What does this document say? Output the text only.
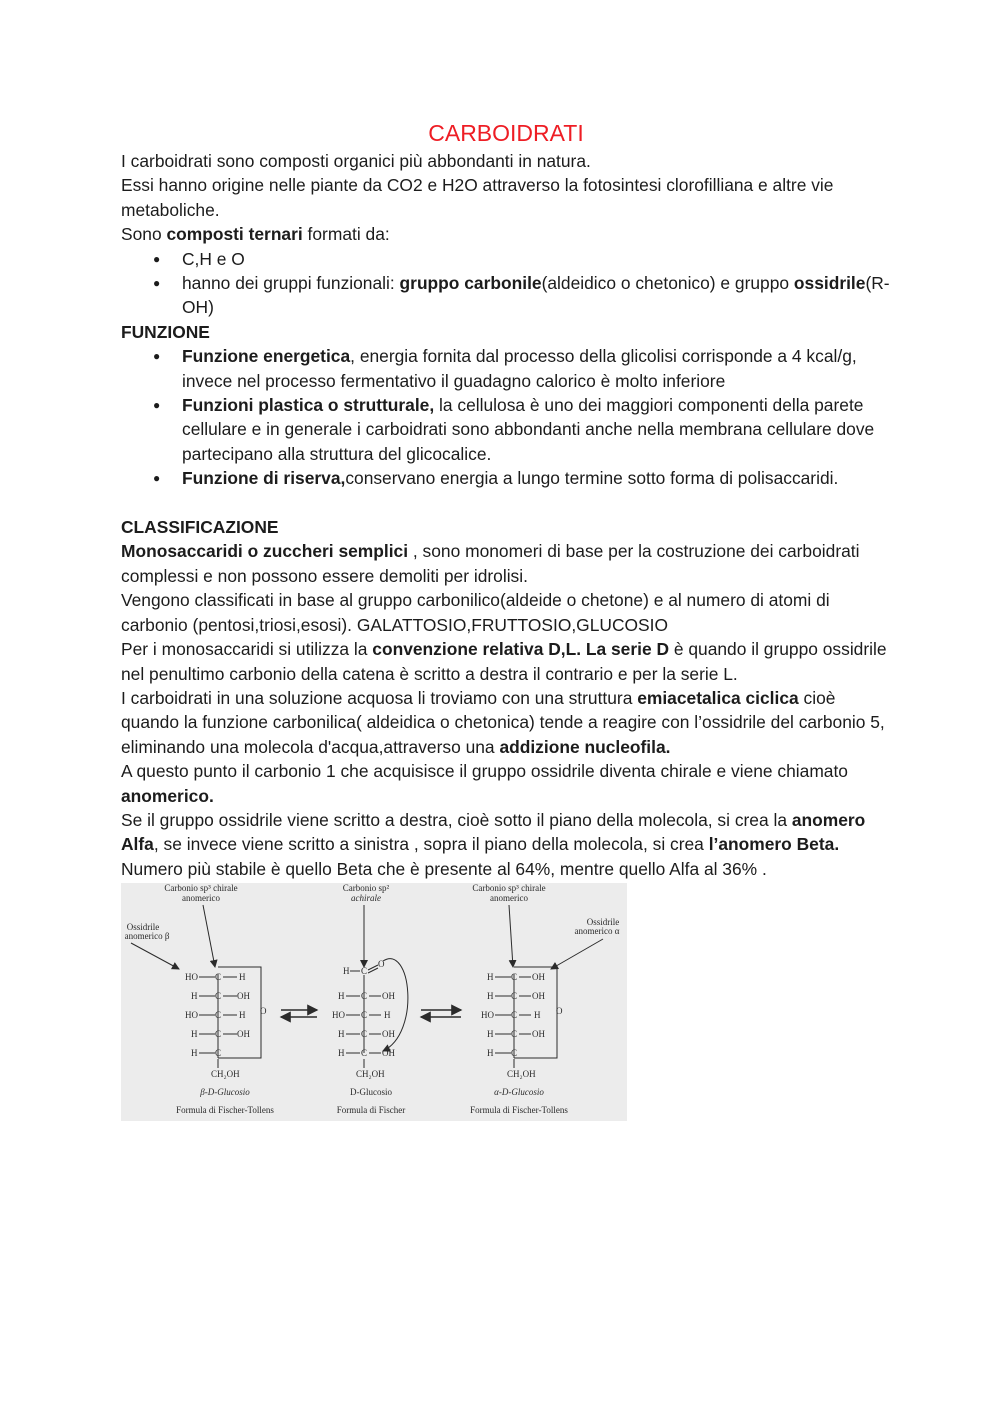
CARBOIDRATI

I carboidrati sono composti organici più abbondanti in natura.

Essi hanno origine nelle piante da CO2 e H2O attraverso la fotosintesi clorofilliana e altre vie metaboliche.

Sono composti ternari formati da:

● C,H e O
● hanno dei gruppi funzionali: gruppo carbonile(aldeidico o chetonico) e gruppo ossidrile(R-OH)
FUNZIONE
● Funzione energetica, energia fornita dal processo della glicolisi corrisponde a 4 kcal/g, invece nel processo fermentativo il guadagno calorico è molto inferiore
● Funzioni plastica o strutturale, la cellulosa è uno dei maggiori componenti della parete cellulare e in generale i carboidrati sono abbondanti anche nella membrana cellulare dove partecipano alla struttura del glicocalice.
● Funzione di riserva,conservano energia a lungo termine sotto forma di polisaccaridi.
CLASSIFICAZIONE

Monosaccaridi o zuccheri semplici , sono monomeri di base per la costruzione dei carboidrati complessi e non possono essere demoliti per idrolisi.

Vengono classificati in base al gruppo carbonilico(aldeide o chetone) e al numero di atomi di carbonio (pentosi,triosi,esosi). GALATTOSIO,FRUTTOSIO,GLUCOSIO

Per i monosaccaridi si utilizza la convenzione relativa D,L. La serie D è quando il gruppo ossidrile nel penultimo carbonio della catena è scritto a destra il contrario e per la serie L.

I carboidrati in una soluzione acquosa li troviamo con una struttura emiacetalica ciclica cioè quando la funzione carbonilica( aldeidica o chetonica) tende a reagire con l’ossidrile del carbonio 5, eliminando una molecola d'acqua,attraverso una addizione nucleofila.

A questo punto il carbonio 1 che acquisisce il gruppo ossidrile diventa chirale e viene chiamato anomerico.

Se il gruppo ossidrile viene scritto a destra, cioè sotto il piano della molecola, si crea la anomero Alfa, se invece viene scritto a sinistra , sopra il piano della molecola, si crea l’anomero Beta.

Numero più stabile è quello Beta che è presente al 64%, mentre quello Alfa al 36% .

Carbonio sp³ chirale
anomerico
Ossidrile
anomerico β
O
HO C H
H C OH
HO C H
H C OH
H C
CH₂OH
β-D-Glucosio
Formula di Fischer-Tollens
Carbonio sp²
achirale
H C
O
H C OH
HO C H
H C OH
H C OH
CH₂OH
D-Glucosio
Formula di Fischer
Carbonio sp³ chirale
anomerico
Ossidrile
anomerico α
O
H C OH
H C OH
HO C H
H C OH
H C
CH₂OH
α-D-Glucosio
Formula di Fischer-Tollens
